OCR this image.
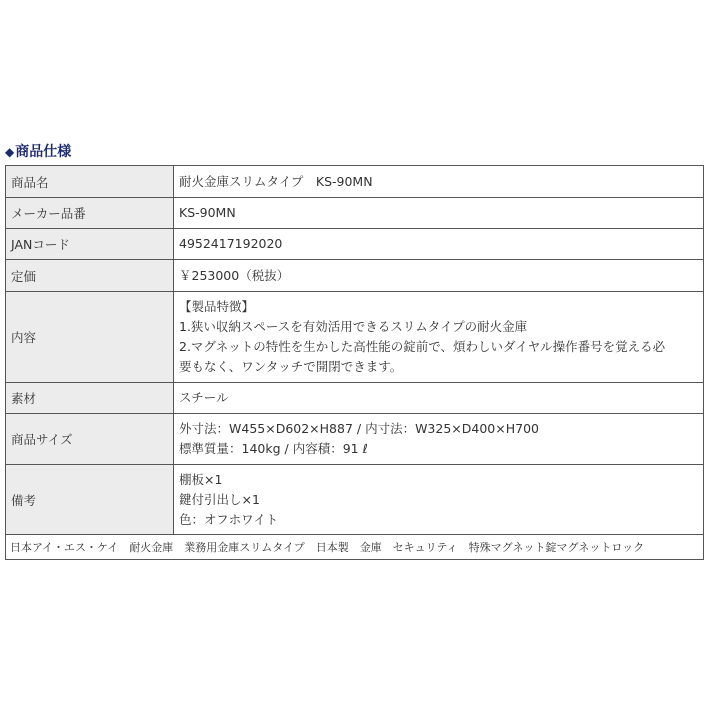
◆商品仕様
商品名	耐火金庫スリムタイプ　KS-90MN

メーカー品番	KS-90MN

JANコード	4952417192020

定価	￥253000（税抜）

内容	【製品特徴】
1.狭い収納スペースを有効活用できるスリムタイプの耐火金庫
2.マグネットの特性を生かした高性能の錠前で、煩わしいダイヤル操作番号を覚える必
要もなく、ワンタッチで開閉できます。

素材	スチール

商品サイズ	外寸法：W455×D602×H887 / 内寸法：W325×D400×H700
標準質量：140kg / 内容積：91 ℓ

備考	棚板×1
鍵付引出し×1
色：オフホワイト

日本アイ・エス・ケイ　耐火金庫　業務用金庫スリムタイプ　日本製　金庫　セキュリティ　特殊マグネット錠マグネットロック	
